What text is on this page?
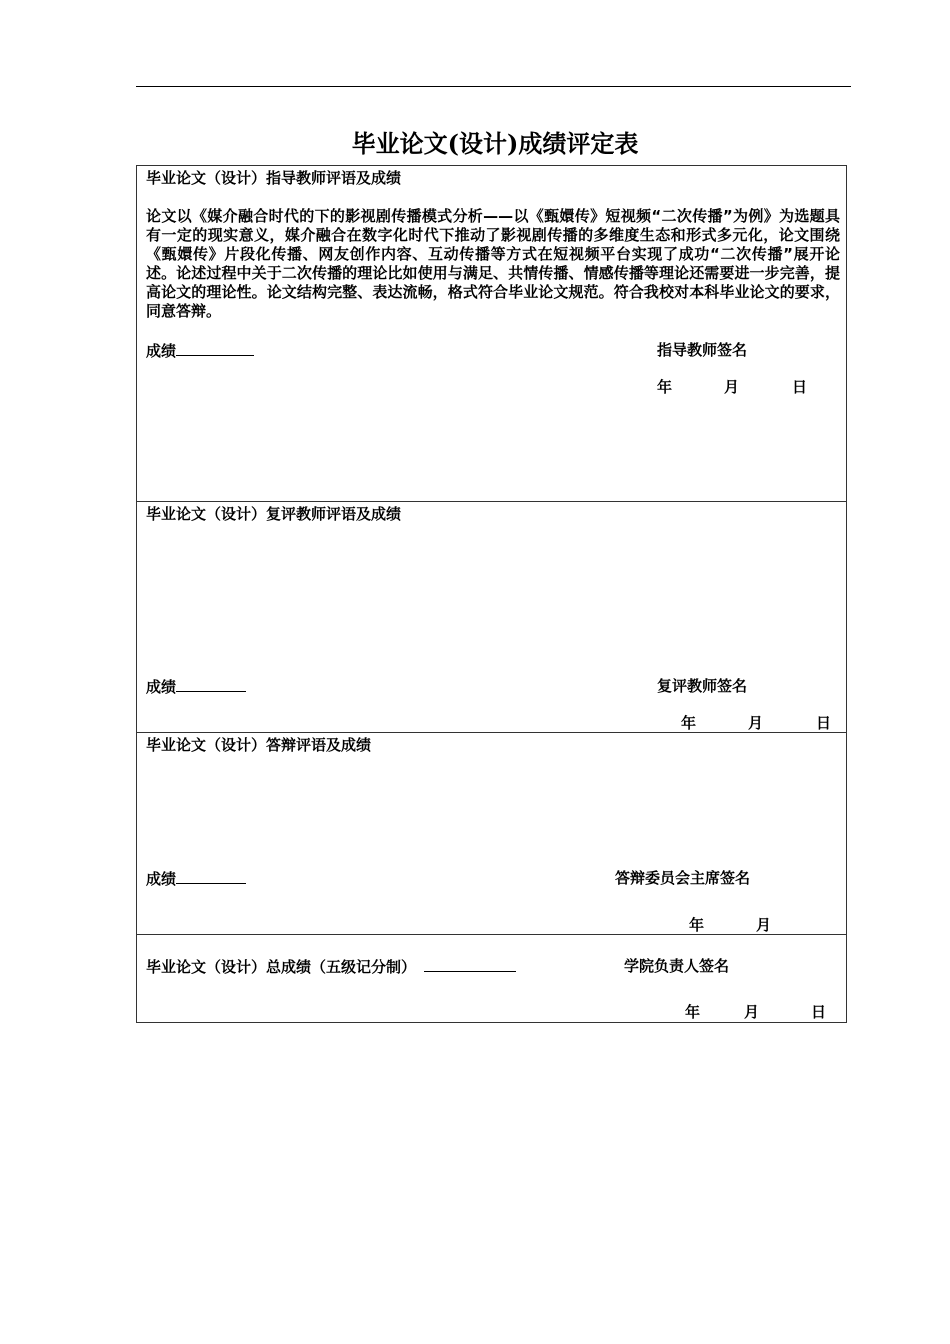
毕业论文(设计)成绩评定表
毕业论文（设计）指导教师评语及成绩
论文以《媒介融合时代的下的影视剧传播模式分析——以《甄嬛传》短视频“二次传播”为例》为选题具有一定的现实意义，媒介融合在数字化时代下推动了影视剧传播的多维度生态和形式多元化，论文围绕《甄嬛传》片段化传播、网友创作内容、互动传播等方式在短视频平台实现了成功“二次传播”展开论述。论述过程中关于二次传播的理论比如使用与满足、共情传播、情感传播等理论还需要进一步完善，提高论文的理论性。论文结构完整、表达流畅，格式符合毕业论文规范。符合我校对本科毕业论文的要求，同意答辩。
成绩	指导教师签名
年	月	日
毕业论文（设计）复评教师评语及成绩
成绩	复评教师签名
年	月	日
毕业论文（设计）答辩评语及成绩
成绩	答辩委员会主席签名
年	月
毕业论文（设计）总成绩（五级记分制）	学院负责人签名
年	月	日
